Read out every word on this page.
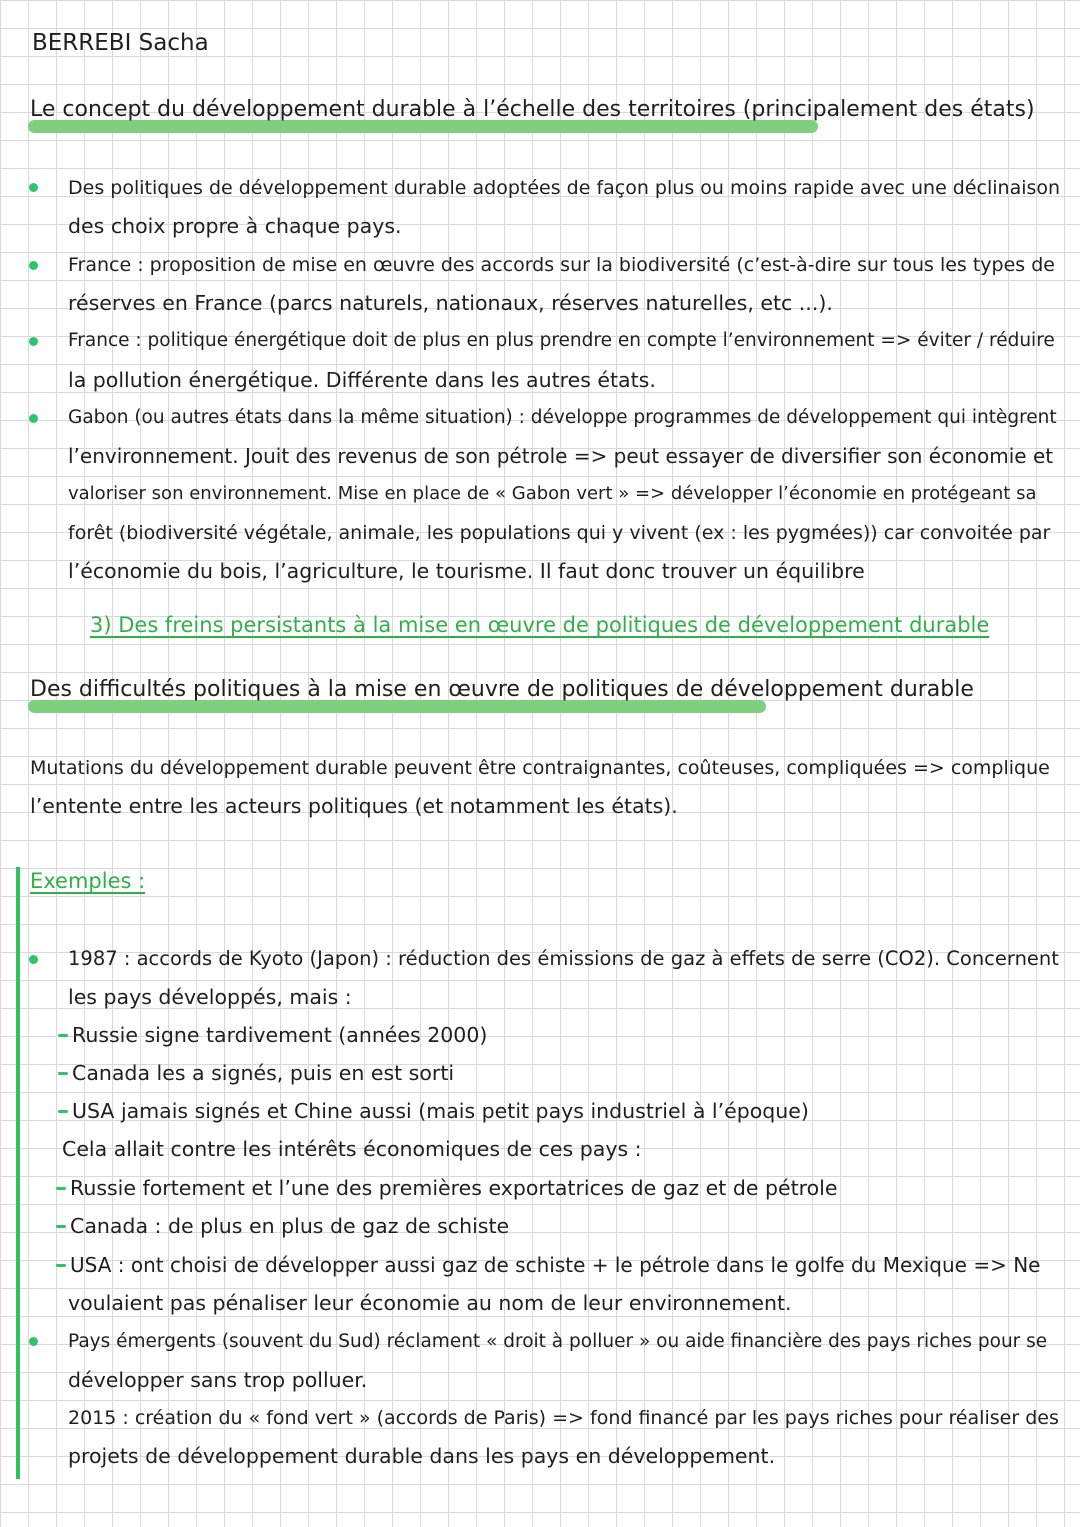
BERREBI Sacha
Le concept du développement durable à l’échelle des territoires (principalement des états)
Des politiques de développement durable adoptées de façon plus ou moins rapide avec une déclinaison
des choix propre à chaque pays.
France : proposition de mise en œuvre des accords sur la biodiversité (c’est-à-dire sur tous les types de
réserves en France (parcs naturels, nationaux, réserves naturelles, etc ...).
France : politique énergétique doit de plus en plus prendre en compte l’environnement => éviter / réduire
la pollution énergétique. Différente dans les autres états.
Gabon (ou autres états dans la même situation) : développe programmes de développement qui intègrent
l’environnement. Jouit des revenus de son pétrole => peut essayer de diversifier son économie et
valoriser son environnement. Mise en place de « Gabon vert » => développer l’économie en protégeant sa
forêt (biodiversité végétale, animale, les populations qui y vivent (ex : les pygmées)) car convoitée par
l’économie du bois, l’agriculture, le tourisme. Il faut donc trouver un équilibre
3) Des freins persistants à la mise en œuvre de politiques de développement durable
Des difficultés politiques à la mise en œuvre de politiques de développement durable
Mutations du développement durable peuvent être contraignantes, coûteuses, compliquées => complique
l’entente entre les acteurs politiques (et notamment les états).
Exemples :
1987 : accords de Kyoto (Japon) : réduction des émissions de gaz à effets de serre (CO2). Concernent
les pays développés, mais :
Russie signe tardivement (années 2000)
Canada les a signés, puis en est sorti
USA jamais signés et Chine aussi (mais petit pays industriel à l’époque)
Cela allait contre les intérêts économiques de ces pays :
Russie fortement et l’une des premières exportatrices de gaz et de pétrole
Canada : de plus en plus de gaz de schiste
USA : ont choisi de développer aussi gaz de schiste + le pétrole dans le golfe du Mexique => Ne
voulaient pas pénaliser leur économie au nom de leur environnement.
Pays émergents (souvent du Sud) réclament « droit à polluer » ou aide financière des pays riches pour se
développer sans trop polluer.
2015 : création du « fond vert » (accords de Paris) => fond financé par les pays riches pour réaliser des
projets de développement durable dans les pays en développement.
